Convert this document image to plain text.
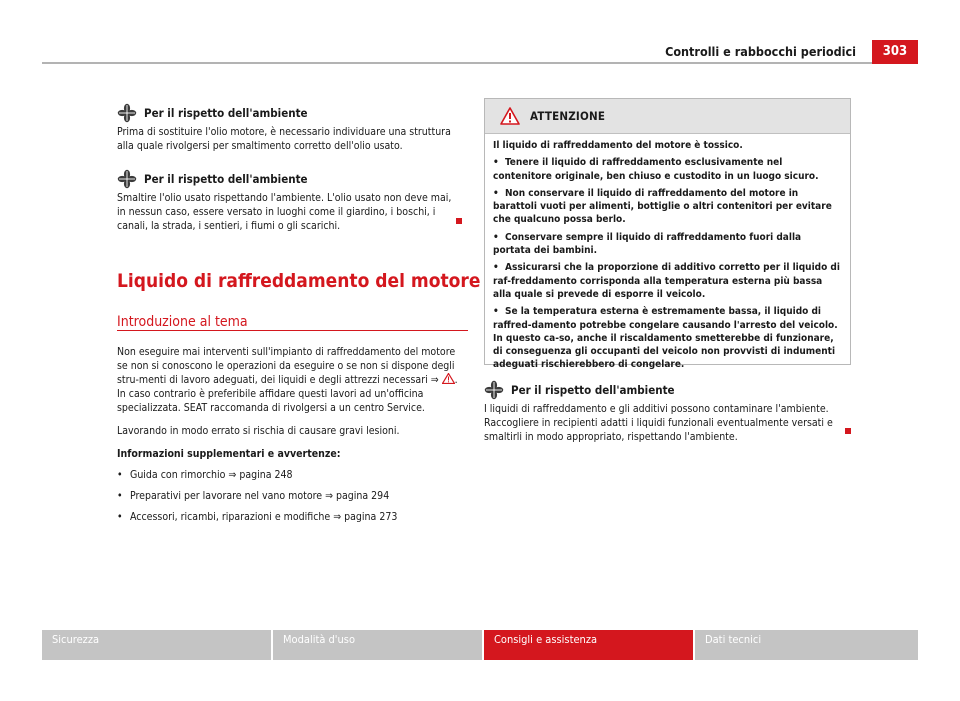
Controlli e rabbocchi periodici	303
Per il rispetto dell'ambiente

Prima di sostituire l'olio motore, è necessario individuare una struttura alla quale rivolgersi per smaltimento corretto dell'olio usato.

Per il rispetto dell'ambiente

Smaltire l'olio usato rispettando l'ambiente. L'olio usato non deve mai, in nessun caso, essere versato in luoghi come il giardino, i boschi, i canali, la strada, i sentieri, i fiumi o gli scarichi.

Liquido di raffreddamento del motore
Introduzione al tema

Non eseguire mai interventi sull'impianto di raffreddamento del motore se non si conoscono le operazioni da eseguire o se non si dispone degli stru-menti di lavoro adeguati, dei liquidi e degli attrezzi necessari ⇒ . In caso contrario è preferibile affidare questi lavori ad un'officina specializzata. SEAT raccomanda di rivolgersi a un centro Service.

Lavorando in modo errato si rischia di causare gravi lesioni.

Informazioni supplementari e avvertenze:

• Guida con rimorchio ⇒ pagina 248
• Preparativi per lavorare nel vano motore ⇒ pagina 294
• Accessori, ricambi, riparazioni e modifiche ⇒ pagina 273
ATTENZIONE

Il liquido di raffreddamento del motore è tossico.

• Tenere il liquido di raffreddamento esclusivamente nel contenitore originale, ben chiuso e custodito in un luogo sicuro.
• Non conservare il liquido di raffreddamento del motore in barattoli vuoti per alimenti, bottiglie o altri contenitori per evitare che qualcuno possa berlo.
• Conservare sempre il liquido di raffreddamento fuori dalla portata dei bambini.
• Assicurarsi che la proporzione di additivo corretto per il liquido di raf-freddamento corrisponda alla temperatura esterna più bassa alla quale si prevede di esporre il veicolo.
• Se la temperatura esterna è estremamente bassa, il liquido di raffred-damento potrebbe congelare causando l'arresto del veicolo. In questo ca-so, anche il riscaldamento smetterebbe di funzionare, di conseguenza gli occupanti del veicolo non provvisti di indumenti adeguati rischierebbero di congelare.
Per il rispetto dell'ambiente

I liquidi di raffreddamento e gli additivi possono contaminare l'ambiente. Raccogliere in recipienti adatti i liquidi funzionali eventualmente versati e smaltirli in modo appropriato, rispettando l'ambiente.

Sicurezza	Modalità d'uso	Consigli e assistenza	Dati tecnici
